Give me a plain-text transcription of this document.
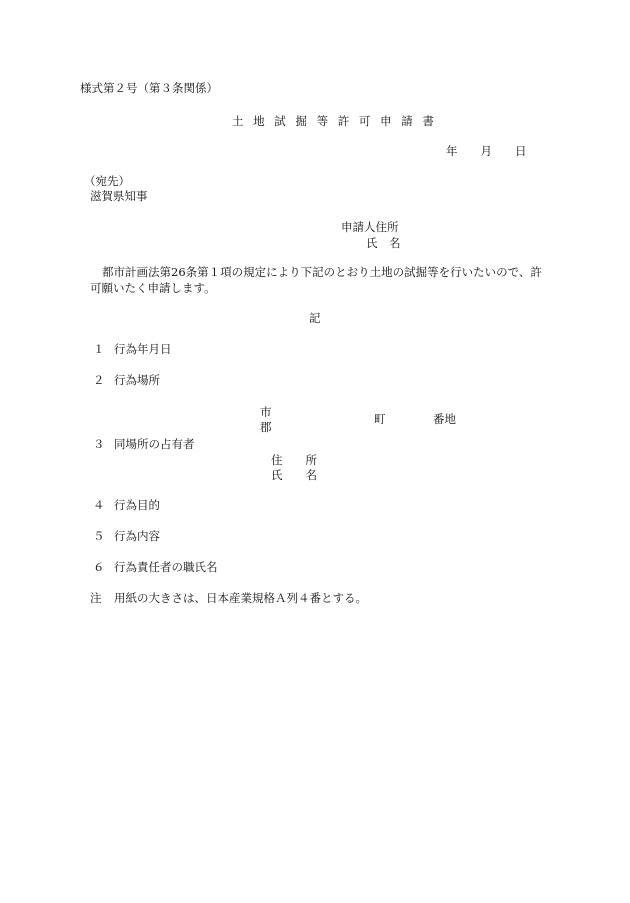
様式第２号（第３条関係）
土 地 試 掘 等 許 可 申 請 書
年　　月　　日
（宛先）
滋賀県知事
申請人住所
氏　名
都市計画法第26条第１項の規定により下記のとおり土地の試掘等を行いたいので、許
可願いたく申請します。
記
１ 行為年月日
２ 行為場所
市
郡
町	番地
３ 同場所の占有者
住　　所
氏　　名
４ 行為目的
５ 行為内容
６ 行為責任者の職氏名
注 用紙の大きさは、日本産業規格Ａ列４番とする。
